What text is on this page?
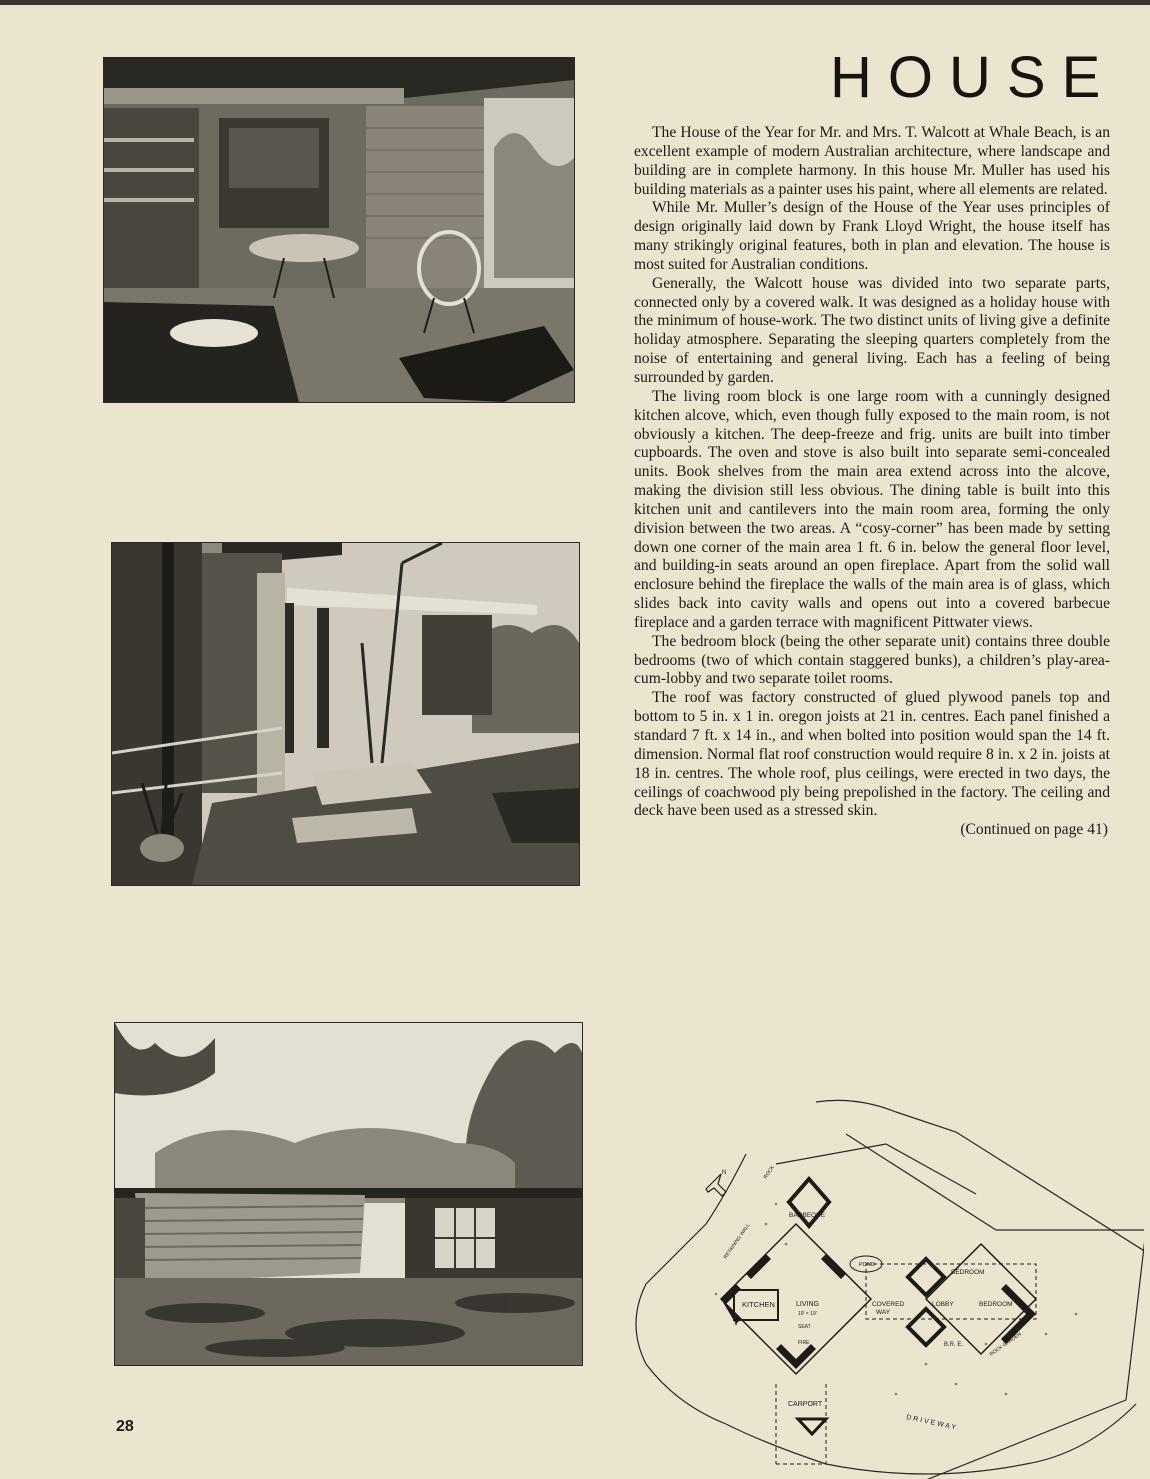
HOUSE

The House of the Year for Mr. and Mrs. T. Walcott at Whale Beach, is an excellent example of modern Australian architecture, where landscape and building are in complete harmony. In this house Mr. Muller has used his building materials as a painter uses his paint, where all elements are related.

While Mr. Muller’s design of the House of the Year uses principles of design originally laid down by Frank Lloyd Wright, the house itself has many strikingly original features, both in plan and elevation. The house is most suited for Australian conditions.

Generally, the Walcott house was divided into two separate parts, connected only by a covered walk. It was designed as a holiday house with the minimum of house-work. The two distinct units of living give a definite holiday atmosphere. Separating the sleeping quarters completely from the noise of entertaining and general living. Each has a feeling of being surrounded by garden.

The living room block is one large room with a cunningly designed kitchen alcove, which, even though fully exposed to the main room, is not obviously a kitchen. The deep-freeze and frig. units are built into timber cupboards. The oven and stove is also built into separate semi-concealed units. Book shelves from the main area extend across into the alcove, making the division still less obvious. The dining table is built into this kitchen unit and cantilevers into the main room area, forming the only division between the two areas. A “cosy-corner” has been made by setting down one corner of the main area 1 ft. 6 in. below the general floor level, and building-in seats around an open fireplace. Apart from the solid wall enclosure behind the fireplace the walls of the main area is of glass, which slides back into cavity walls and opens out into a covered barbecue fireplace and a garden terrace with magnificent Pittwater views.

The bedroom block (being the other separate unit) contains three double bedrooms (two of which contain staggered bunks), a children’s play-area-cum-lobby and two separate toilet rooms.

The roof was factory constructed of glued plywood panels top and bottom to 5 in. x 1 in. oregon joists at 21 in. centres. Each panel finished a standard 7 ft. x 14 in., and when bolted into position would span the 14 ft. dimension. Normal flat roof construction would require 8 in. x 2 in. joists at 18 in. centres. The whole roof, plus ceilings, were erected in two days, the ceilings of coachwood ply being prepolished in the factory. The ceiling and deck have been used as a stressed skin.

(Continued on page 41)

BARBEQUE
KITCHEN	LIVING
19' × 19'
SEAT
FIRE
POND
COVERED
WAY
LOBBY
BEDROOM
BEDROOM
B.R. E.
CARPORT
DRIVEWAY
ROCK
RETAINING WALL
ROCK GARDEN
N
28
